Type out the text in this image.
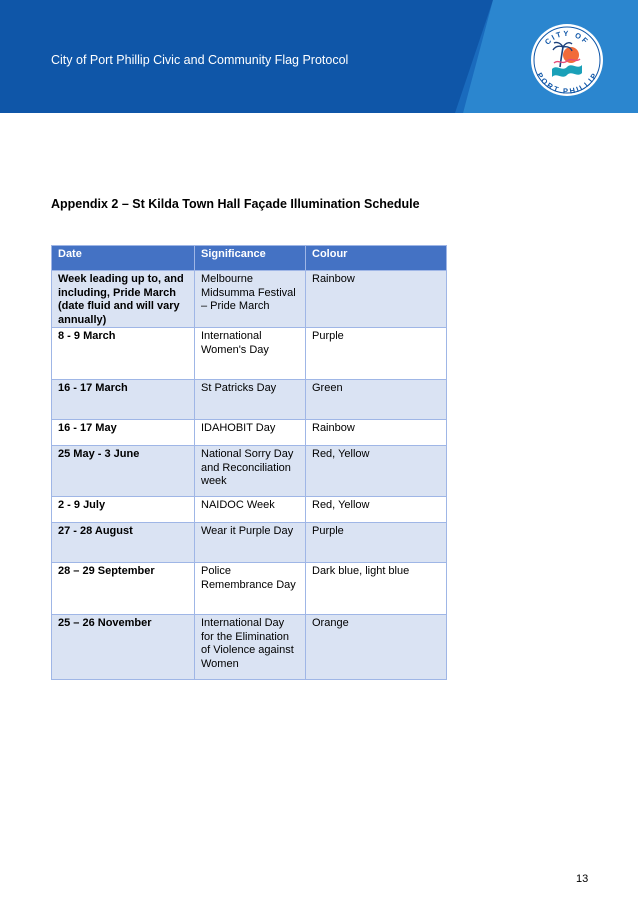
City of Port Phillip Civic and Community Flag Protocol
CITY OF
PORT PHILLIP
Appendix 2 – St Kilda Town Hall Façade Illumination Schedule
Date	Significance	Colour
Week leading up to, and including, Pride March (date fluid and will vary annually)	Melbourne Midsumma Festival – Pride March	Rainbow
8 - 9 March	International Women's Day	Purple
16 - 17 March	St Patricks Day	Green
16 - 17 May	IDAHOBIT Day	Rainbow
25 May - 3 June	National Sorry Day and Reconciliation week	Red, Yellow
2 - 9 July	NAIDOC Week	Red, Yellow
27 - 28 August	Wear it Purple Day	Purple
28 – 29 September	Police Remembrance Day	Dark blue, light blue
25 – 26 November	International Day for the Elimination of Violence against Women	Orange
13
